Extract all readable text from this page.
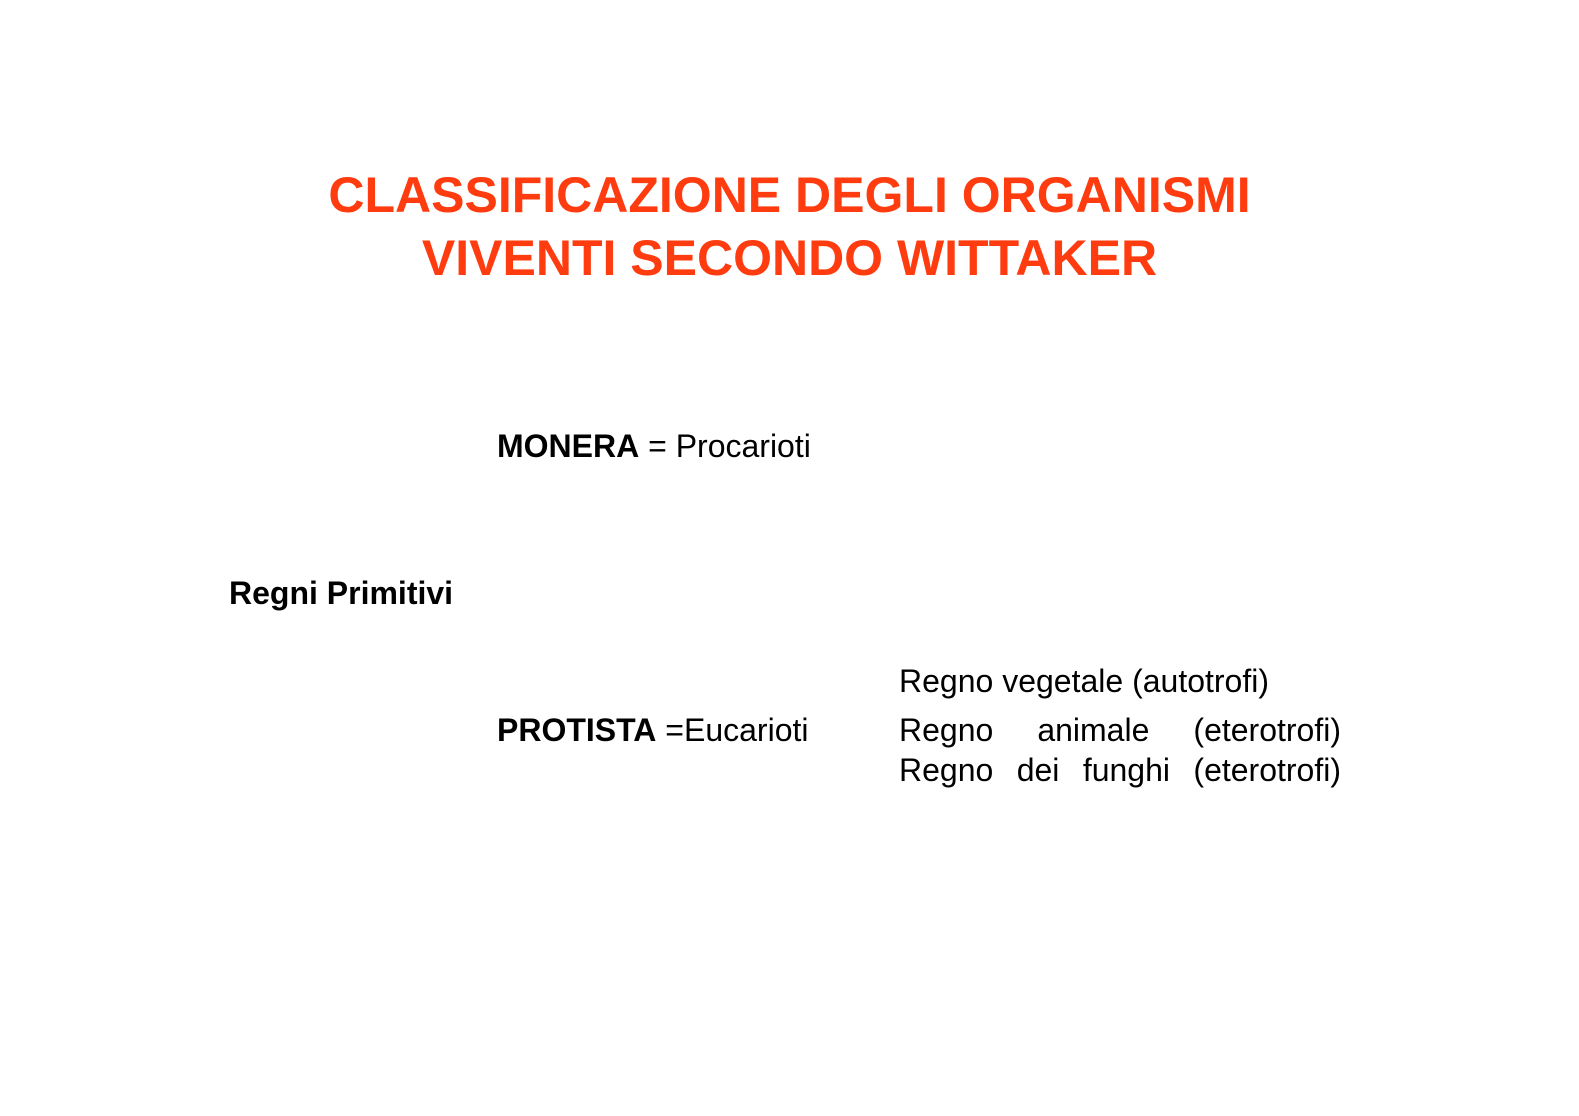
CLASSIFICAZIONE DEGLI ORGANISMI
VIVENTI SECONDO WITTAKER
MONERA = Procarioti
Regni Primitivi
PROTISTA =Eucarioti
Regno vegetale (autotrofi)
Regno animale (eterotrofi)
Regno dei funghi (eterotrofi)
